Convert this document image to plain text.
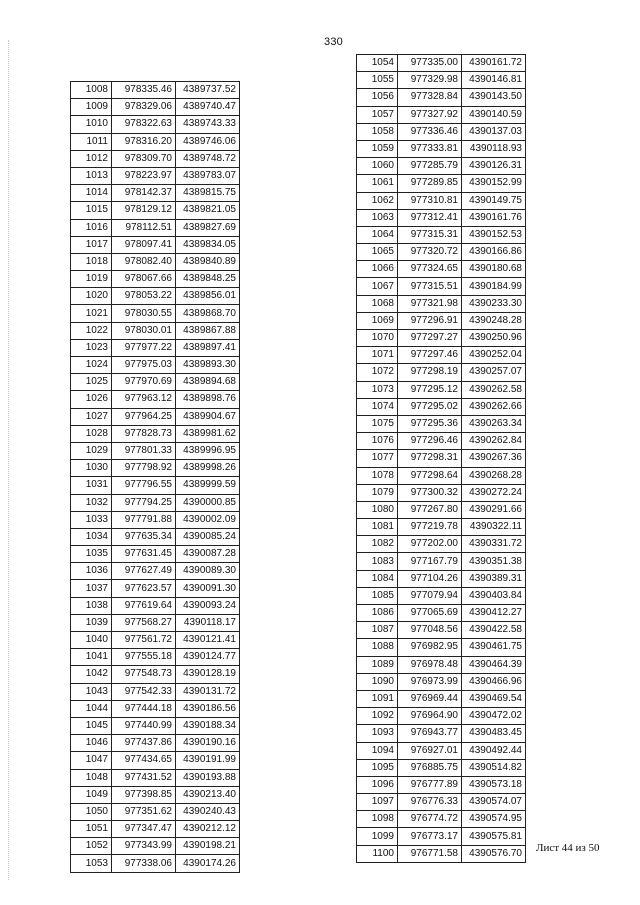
330
1008	978335.46	4389737.52
1009	978329.06	4389740.47
1010	978322.63	4389743.33
1011	978316.20	4389746.06
1012	978309.70	4389748.72
1013	978223.97	4389783.07
1014	978142.37	4389815.75
1015	978129.12	4389821.05
1016	978112.51	4389827.69
1017	978097.41	4389834.05
1018	978082.40	4389840.89
1019	978067.66	4389848.25
1020	978053.22	4389856.01
1021	978030.55	4389868.70
1022	978030.01	4389867.88
1023	977977.22	4389897.41
1024	977975.03	4389893.30
1025	977970.69	4389894.68
1026	977963.12	4389898.76
1027	977964.25	4389904.67
1028	977828.73	4389981.62
1029	977801.33	4389996.95
1030	977798.92	4389998.26
1031	977796.55	4389999.59
1032	977794.25	4390000.85
1033	977791.88	4390002.09
1034	977635.34	4390085.24
1035	977631.45	4390087.28
1036	977627.49	4390089.30
1037	977623.57	4390091.30
1038	977619.64	4390093.24
1039	977568.27	4390118.17
1040	977561.72	4390121.41
1041	977555.18	4390124.77
1042	977548.73	4390128.19
1043	977542.33	4390131.72
1044	977444.18	4390186.56
1045	977440.99	4390188.34
1046	977437.86	4390190.16
1047	977434.65	4390191.99
1048	977431.52	4390193.88
1049	977398.85	4390213.40
1050	977351.62	4390240.43
1051	977347.47	4390212.12
1052	977343.99	4390198.21
1053	977338.06	4390174.26
1054	977335.00	4390161.72
1055	977329.98	4390146.81
1056	977328.84	4390143.50
1057	977327.92	4390140.59
1058	977336.46	4390137.03
1059	977333.81	4390118.93
1060	977285.79	4390126.31
1061	977289.85	4390152.99
1062	977310.81	4390149.75
1063	977312.41	4390161.76
1064	977315.31	4390152.53
1065	977320.72	4390166.86
1066	977324.65	4390180.68
1067	977315.51	4390184.99
1068	977321.98	4390233.30
1069	977296.91	4390248.28
1070	977297.27	4390250.96
1071	977297.46	4390252.04
1072	977298.19	4390257.07
1073	977295.12	4390262.58
1074	977295.02	4390262.66
1075	977295.36	4390263.34
1076	977296.46	4390262.84
1077	977298.31	4390267.36
1078	977298.64	4390268.28
1079	977300.32	4390272.24
1080	977267.80	4390291.66
1081	977219.78	4390322.11
1082	977202.00	4390331.72
1083	977167.79	4390351.38
1084	977104.26	4390389.31
1085	977079.94	4390403.84
1086	977065.69	4390412.27
1087	977048.56	4390422.58
1088	976982.95	4390461.75
1089	976978.48	4390464.39
1090	976973.99	4390466.96
1091	976969.44	4390469.54
1092	976964.90	4390472.02
1093	976943.77	4390483.45
1094	976927.01	4390492.44
1095	976885.75	4390514.82
1096	976777.89	4390573.18
1097	976776.33	4390574.07
1098	976774.72	4390574.95
1099	976773.17	4390575.81
1100	976771.58	4390576.70 Лист 44 из 50
